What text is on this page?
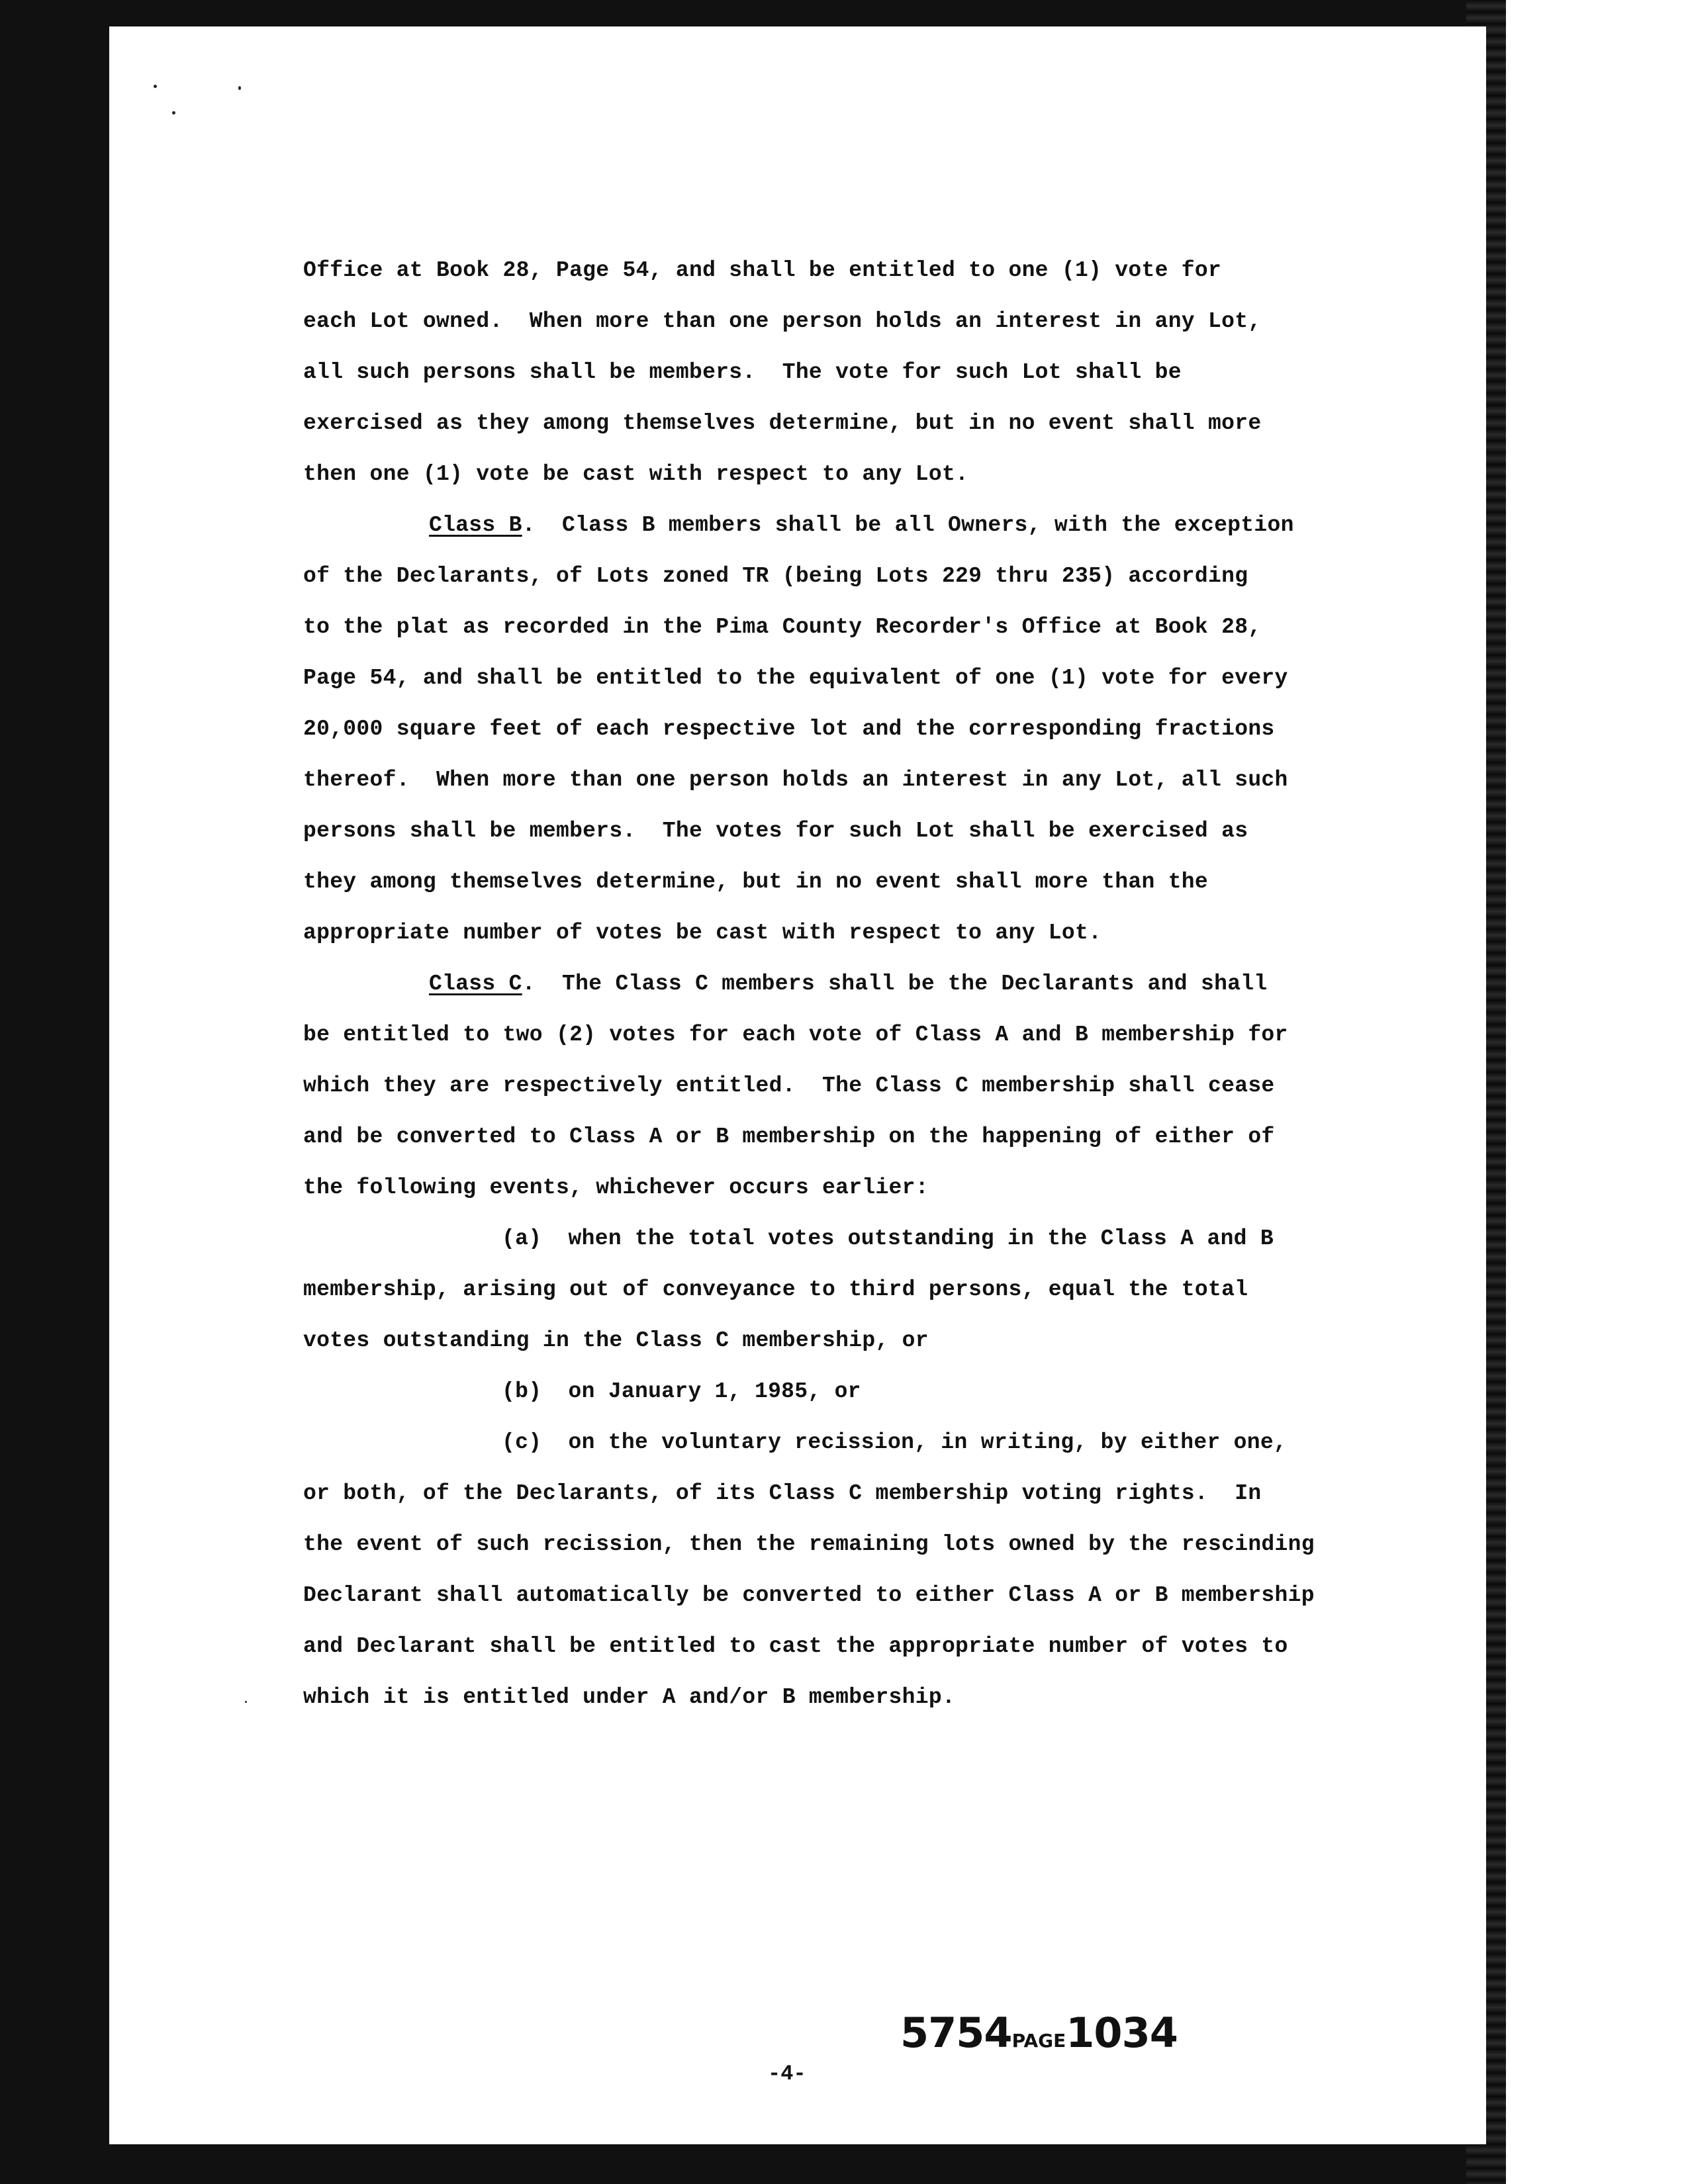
Office at Book 28, Page 54, and shall be entitled to one (1) vote for
each Lot owned.  When more than one person holds an interest in any Lot,
all such persons shall be members.  The vote for such Lot shall be
exercised as they among themselves determine, but in no event shall more
then one (1) vote be cast with respect to any Lot.
Class B.  Class B members shall be all Owners, with the exception
of the Declarants, of Lots zoned TR (being Lots 229 thru 235) according
to the plat as recorded in the Pima County Recorder's Office at Book 28,
Page 54, and shall be entitled to the equivalent of one (1) vote for every
20,000 square feet of each respective lot and the corresponding fractions
thereof.  When more than one person holds an interest in any Lot, all such
persons shall be members.  The votes for such Lot shall be exercised as
they among themselves determine, but in no event shall more than the
appropriate number of votes be cast with respect to any Lot.
Class C.  The Class C members shall be the Declarants and shall
be entitled to two (2) votes for each vote of Class A and B membership for
which they are respectively entitled.  The Class C membership shall cease
and be converted to Class A or B membership on the happening of either of
the following events, whichever occurs earlier:
(a)  when the total votes outstanding in the Class A and B
membership, arising out of conveyance to third persons, equal the total
votes outstanding in the Class C membership, or
(b)  on January 1, 1985, or
(c)  on the voluntary recission, in writing, by either one,
or both, of the Declarants, of its Class C membership voting rights.  In
the event of such recission, then the remaining lots owned by the rescinding
Declarant shall automatically be converted to either Class A or B membership
and Declarant shall be entitled to cast the appropriate number of votes to
which it is entitled under A and/or B membership.
5754PAGE1034
-4-
